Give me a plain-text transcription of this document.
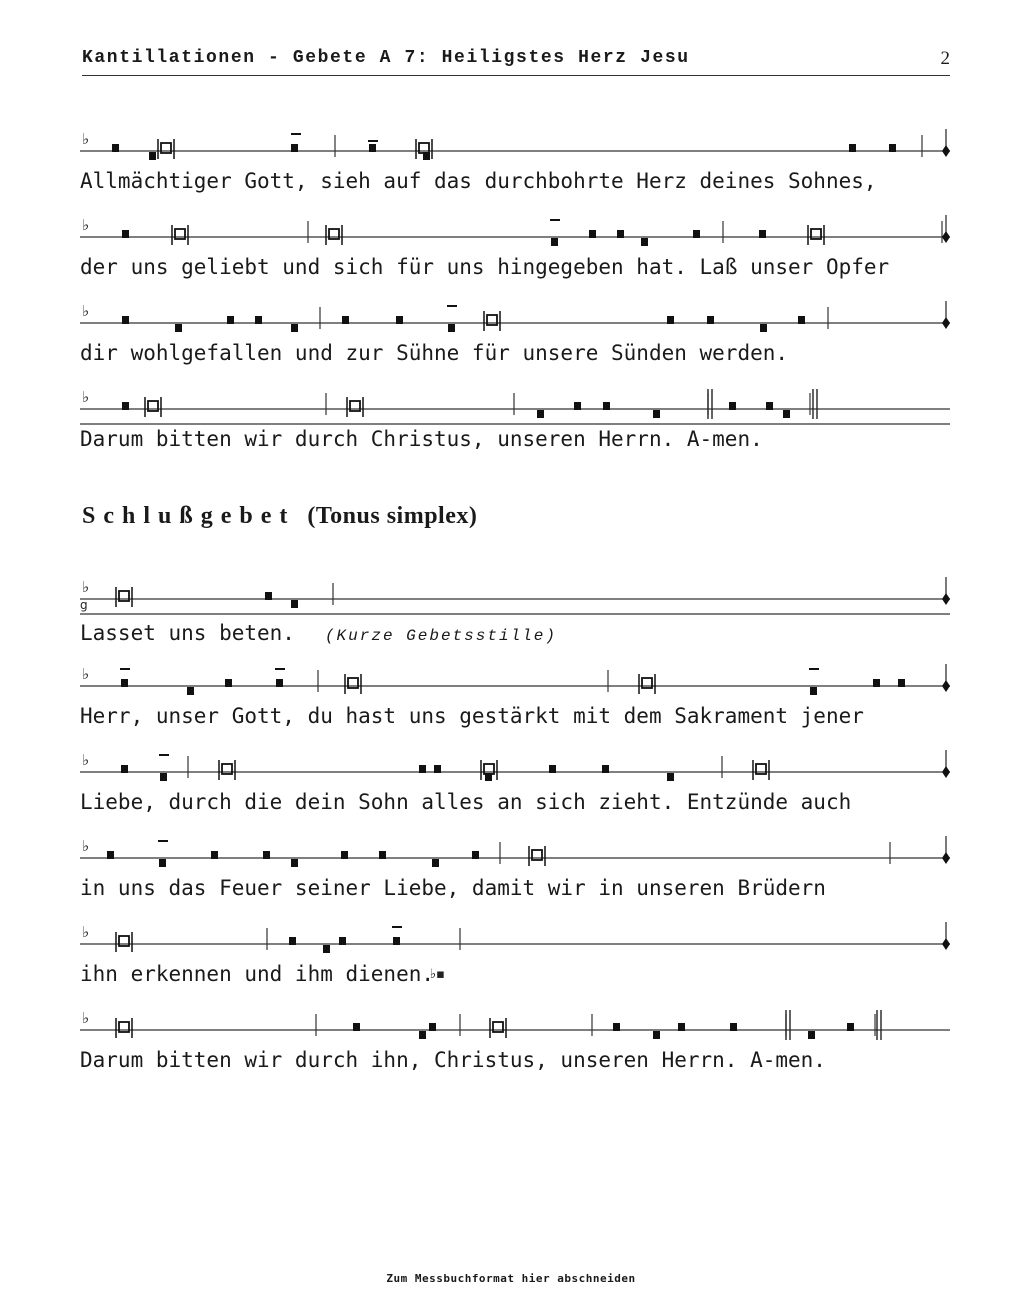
Kantillationen - Gebete A 7: Heiligstes Herz Jesu	2
♭
Allmächtiger Gott, sieh auf das durchbohrte Herz deines Sohnes,
♭
der uns geliebt und sich für uns hingegeben hat. Laß unser Opfer
♭
dir wohlgefallen und zur Sühne für unsere Sünden werden.
♭
Darum bitten wir durch Christus, unseren Herrn. A-men.
Schlußgebet (Tonus simplex)
♭
g
Lasset uns beten. (Kurze Gebetsstille)
♭
Herr, unser Gott, du hast uns gestärkt mit dem Sakrament jener
♭
Liebe, durch die dein Sohn alles an sich zieht. Entzünde auch
♭
in uns das Feuer seiner Liebe, damit wir in unseren Brüdern
♭
♭▪
ihn erkennen und ihm dienen.
♭
Darum bitten wir durch ihn, Christus, unseren Herrn. A-men.
Zum Messbuchformat hier abschneiden
